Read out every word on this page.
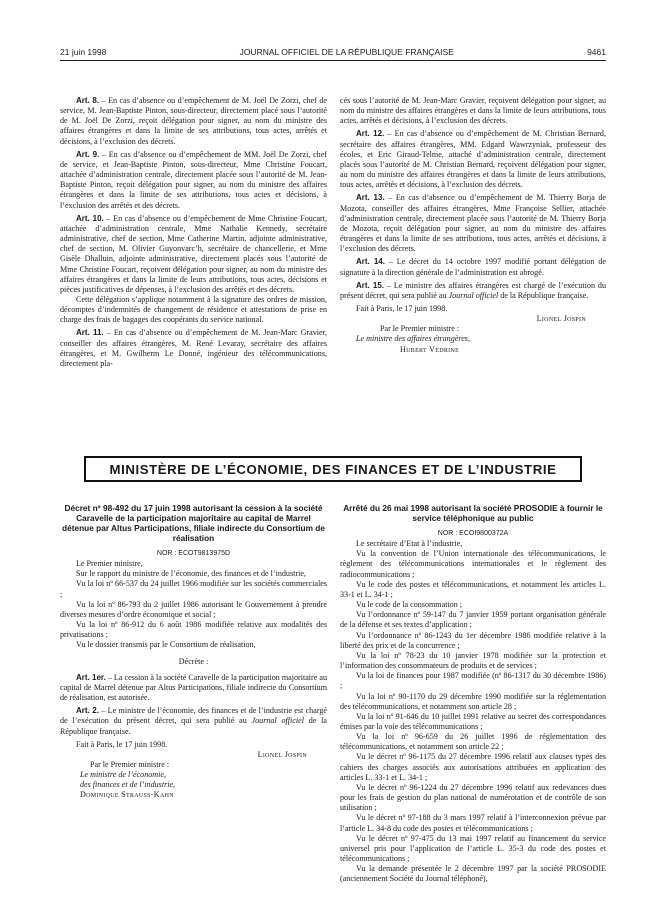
21 juin 1998	JOURNAL OFFICIEL DE LA RÉPUBLIQUE FRANÇAISE	9461

Art. 8. – En cas d’absence ou d’empêchement de M. Joël De Zorzi, chef de service, M. Jean-Baptiste Pinton, sous-directeur, directement placé sous l’autorité de M. Joël De Zorzi, reçoit délégation pour signer, au nom du ministre des affaires étrangères et dans la limite de ses attributions, tous actes, arrêtés et décisions, à l’exclusion des décrets.

Art. 9. – En cas d’absence ou d’empêchement de MM. Joël De Zorzi, chef de service, et Jean-Baptiste Pinton, sous-directeur, Mme Christine Foucart, attachée d’administration centrale, directement placée sous l’autorité de M. Jean-Baptiste Pinton, reçoit délégation pour signer, au nom du ministre des affaires étrangères et dans la limite de ses attributions, tous actes et décisions, à l’exclusion des arrêtés et des décrets.

Art. 10. – En cas d’absence ou d’empêchement de Mme Christine Foucart, attachée d’administration centrale, Mme Nathalie Kennedy, secrétaire administrative, chef de section, Mme Catherine Martin, adjointe administrative, chef de section, M. Olivier Guyonvarc’h, secrétaire de chancellerie, et Mme Gisèle Dhalluin, adjointe administrative, directement placés sous l’autorité de Mme Christine Foucart, reçoivent délégation pour signer, au nom du ministre des affaires étrangères et dans la limite de leurs attributions, tous actes, décisions et pièces justificatives de dépenses, à l’exclusion des arrêtés et des décrets.

Cette délégation s’applique notamment à la signature des ordres de mission, décomptes d’indemnités de changement de résidence et attestations de prise en charge des frais de bagages des coopérants du service national.

Art. 11. – En cas d’absence ou d’empêchement de M. Jean-Marc Gravier, conseiller des affaires étrangères, M. René Levaray, secrétaire des affaires étrangères, et M. Gwilherm Le Donné, ingénieur des télécommunications, directement pla-

cés sous l’autorité de M. Jean-Marc Gravier, reçoivent délégation pour signer, au nom du ministre des affaires étrangères et dans la limite de leurs attributions, tous actes, arrêtés et décisions, à l’exclusion des décrets.

Art. 12. – En cas d’absence ou d’empêchement de M. Christian Bernard, secrétaire des affaires étrangères, MM. Edgard Wawrzyniak, professeur des écoles, et Eric Giraud-Telme, attaché d’administration centrale, directement placés sous l’autorité de M. Christian Bernard, reçoivent délégation pour signer, au nom du ministre des affaires étrangères et dans la limite de leurs attributions, tous actes, arrêtés et décisions, à l’exclusion des décrets.

Art. 13. – En cas d’absence ou d’empêchement de M. Thierry Borja de Mozota, conseiller des affaires étrangères, Mme Françoise Sellier, attachée d’administration centrale, directement placée sous l’autorité de M. Thierry Borja de Mozota, reçoit délégation pour signer, au nom du ministre des affaires étrangères et dans la limite de ses attributions, tous actes, arrêtés et décisions, à l’exclusion des décrets.

Art. 14. – Le décret du 14 octobre 1997 modifié portant délégation de signature à la direction générale de l’administration est abrogé.

Art. 15. – Le ministre des affaires étrangères est chargé de l’exécution du présent décret, qui sera publié au Journal officiel de la République française.

Fait à Paris, le 17 juin 1998.

Lionel Jospin

Par le Premier ministre :

Le ministre des affaires étrangères,

Hubert Védrine

MINISTÈRE DE L’ÉCONOMIE, DES FINANCES ET DE L’INDUSTRIE
Décret nº 98-492 du 17 juin 1998 autorisant la cession à la société Caravelle de la participation majoritaire au capital de Marrel détenue par Altus Participations, filiale indirecte du Consortium de réalisation

NOR : ECOT9813975D

Le Premier ministre,

Sur le rapport du ministre de l’économie, des finances et de l’industrie,

Vu la loi nº 66-537 du 24 juillet 1966 modifiée sur les sociétés commerciales ;

Vu la loi nº 86-793 du 2 juillet 1986 autorisant le Gouvernement à prendre diverses mesures d’ordre économique et social ;

Vu la loi nº 86-912 du 6 août 1986 modifiée relative aux modalités des privatisations ;

Vu le dossier transmis par le Consortium de réalisation,

Décrète :

Art. 1er. – La cession à la société Caravelle de la participation majoritaire au capital de Marrel détenue par Altus Participations, filiale indirecte du Consortium de réalisation, est autorisée.

Art. 2. – Le ministre de l’économie, des finances et de l’industrie est chargé de l’exécution du présent décret, qui sera publié au Journal officiel de la République française.

Fait à Paris, le 17 juin 1998.

Lionel Jospin

Par le Premier ministre :

Le ministre de l’économie,

des finances et de l’industrie,

Dominique Strauss-Kahn

Arrêté du 26 mai 1998 autorisant la société PROSODIE à fournir le service téléphonique au public

NOR : ECOI9800372A

Le secrétaire d’Etat à l’industrie,

Vu la convention de l’Union internationale des télécommunications, le règlement des télécommunications internationales et le règlement des radiocommunications ;

Vu le code des postes et télécommunications, et notamment les articles L. 33-1 et L. 34-1 ;

Vu le code de la consommation ;

Vu l’ordonnance nº 59-147 du 7 janvier 1959 portant organisation générale de la défense et ses textes d’application ;

Vu l’ordonnance nº 86-1243 du 1er décembre 1986 modifiée relative à la liberté des prix et de la concurrence ;

Vu la loi nº 78-23 du 10 janvier 1978 modifiée sur la protection et l’information des consommateurs de produits et de services ;

Vu la loi de finances pour 1987 modifiée (nº 86-1317 du 30 décembre 1986) ;

Vu la loi nº 90-1170 du 29 décembre 1990 modifiée sur la réglementation des télécommunications, et notamment son article 28 ;

Vu la loi nº 91-646 du 10 juillet 1991 relative au secret des correspondances émises par la voie des télécommunications ;

Vu la loi nº 96-659 du 26 juillet 1996 de réglementation des télécommunications, et notamment son article 22 ;

Vu le décret nº 96-1175 du 27 décembre 1996 relatif aux clauses types des cahiers des charges associés aux autorisations attribuées en application des articles L. 33-1 et L. 34-1 ;

Vu le décret nº 96-1224 du 27 décembre 1996 relatif aux redevances dues pour les frais de gestion du plan national de numérotation et de contrôle de son utilisation ;

Vu le décret nº 97-188 du 3 mars 1997 relatif à l’interconnexion prévue par l’article L. 34-8 du code des postes et télécommunications ;

Vu le décret nº 97-475 du 13 mai 1997 relatif au financement du service universel pris pour l’application de l’article L. 35-3 du code des postes et télécommunications ;

Vu la demande présentée le 2 décembre 1997 par la société PROSODIE (anciennement Société du Journal téléphoné),
